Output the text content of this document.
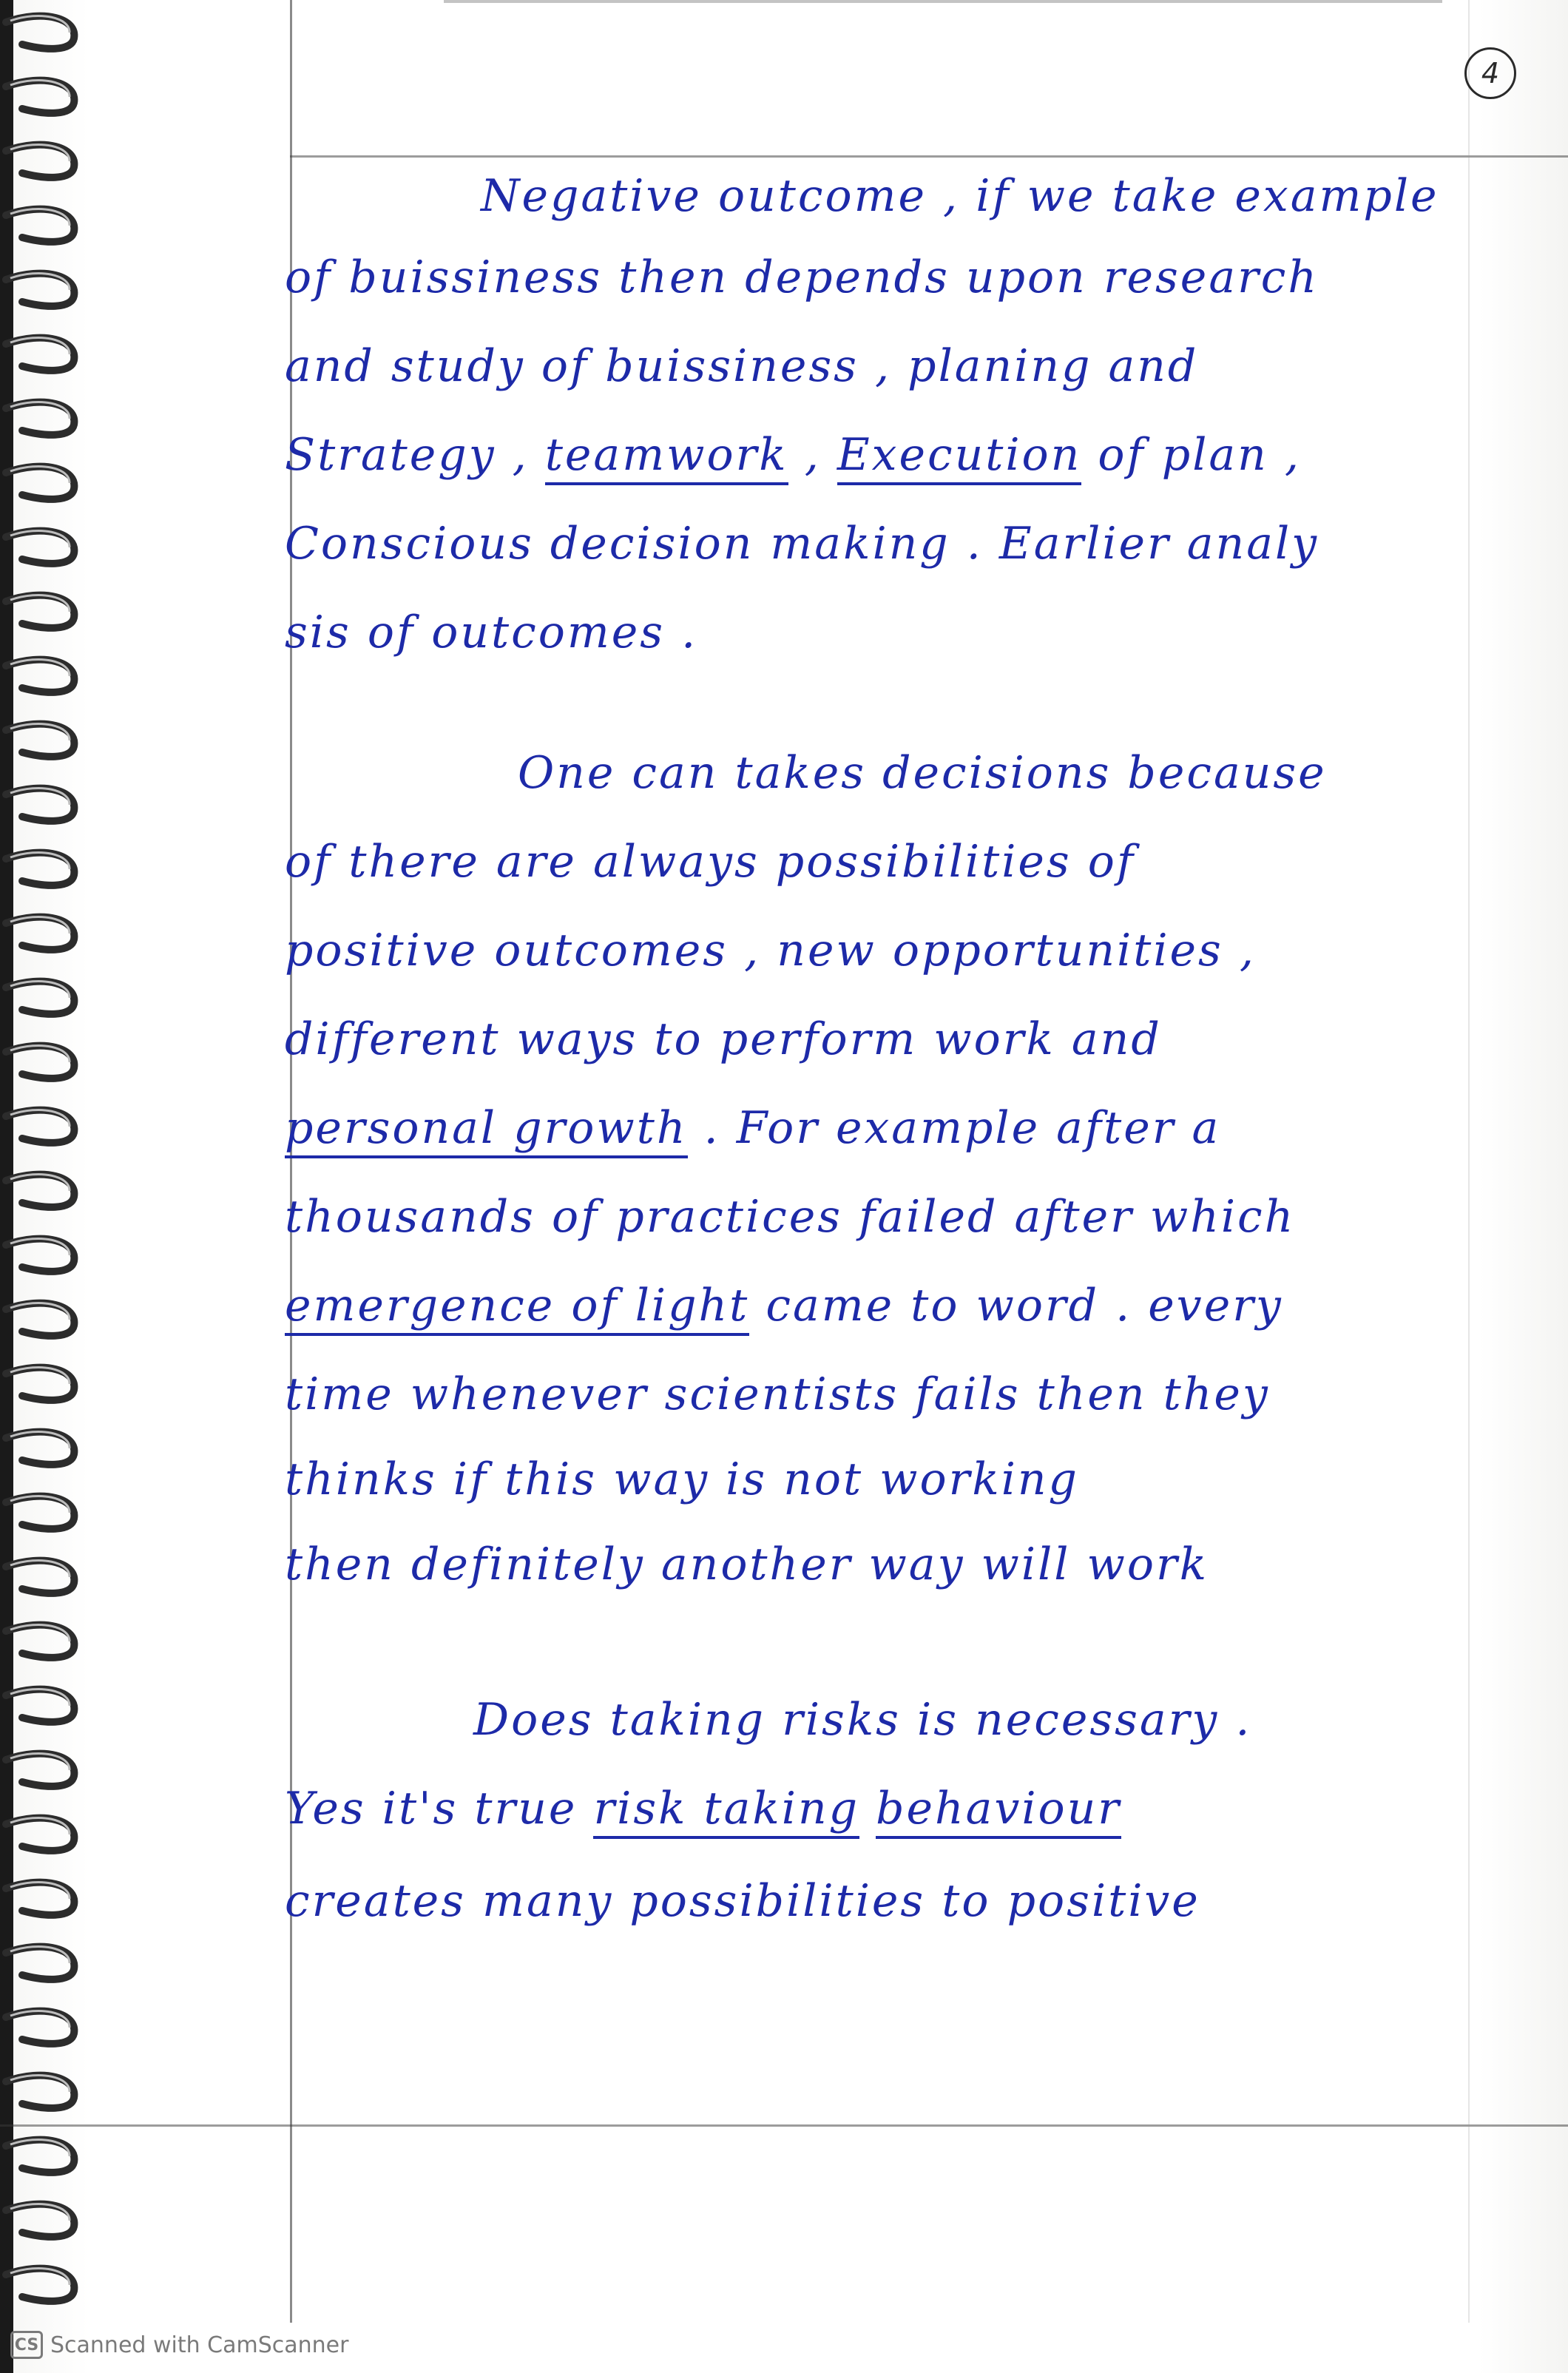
4

Negative outcome , if we take example

of buissiness then depends upon research

and study of buissiness , planing and

Strategy , teamwork , Execution of plan ,

Conscious decision making . Earlier analy

sis of outcomes .

One can takes decisions because

of there are always possibilities of

positive outcomes , new opportunities ,

different ways to perform work and

personal growth . For example after a

thousands of practices failed after which

emergence of light came to word . every

time whenever scientists fails then they

thinks if this way is not working

then definitely another way will work

Does taking risks is necessary .

Yes it's true risk taking behaviour

creates many possibilities to positive

CS Scanned with CamScanner
